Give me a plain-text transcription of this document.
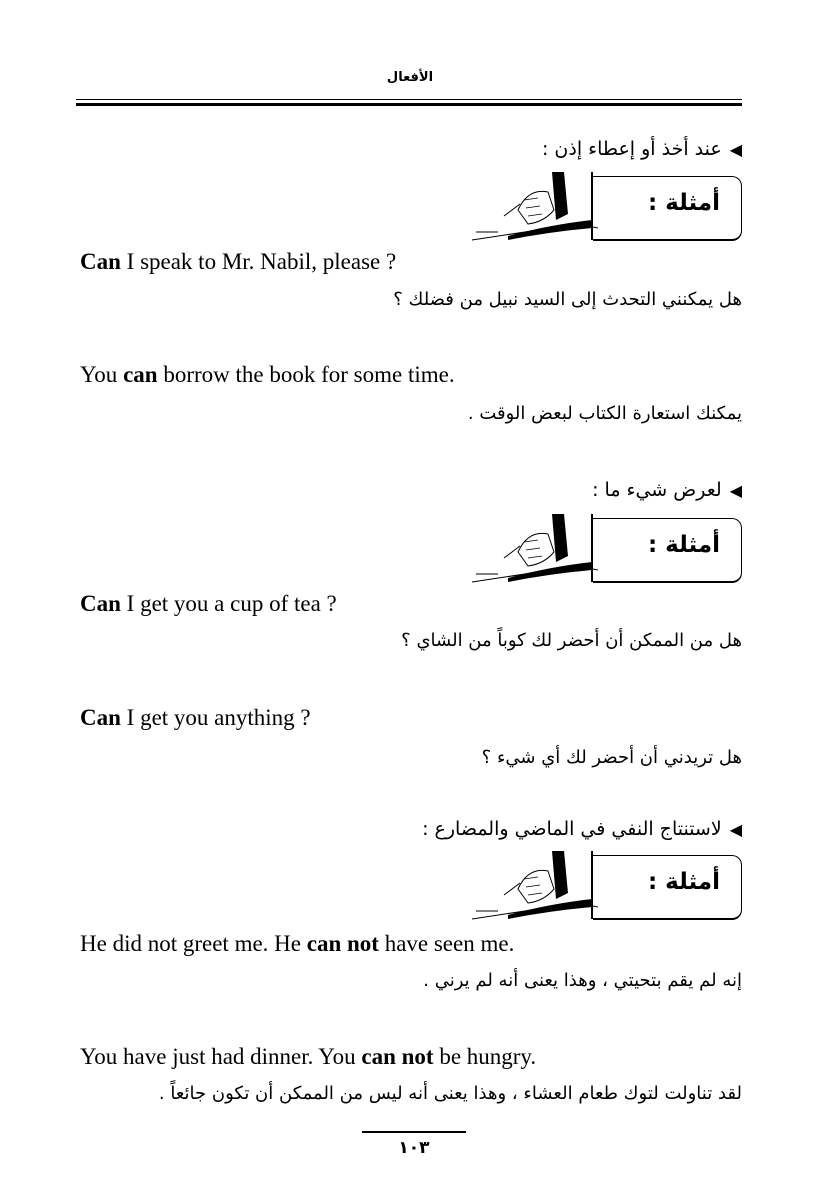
الأفعال
◀عند أخذ أو إعطاء إذن :
أمثلة :
Can I speak to Mr. Nabil, please ?
هل يمكنني التحدث إلى السيد نبيل من فضلك ؟
You can borrow the book for some time.
يمكنك استعارة الكتاب لبعض الوقت .
◀لعرض شيء ما :
أمثلة :
Can I get you a cup of tea ?
هل من الممكن أن أحضر لك كوباً من الشاي ؟
Can I get you anything ?
هل تريدني أن أحضر لك أي شيء ؟
◀لاستنتاج النفي في الماضي والمضارع :
أمثلة :
He did not greet me. He can not have seen me.
إنه لم يقم بتحيتي ، وهذا يعنى أنه لم يرني .
You have just had dinner. You can not be hungry.
لقد تناولت لتوك طعام العشاء ، وهذا يعنى أنه ليس من الممكن أن تكون جائعاً .
١٠٣
